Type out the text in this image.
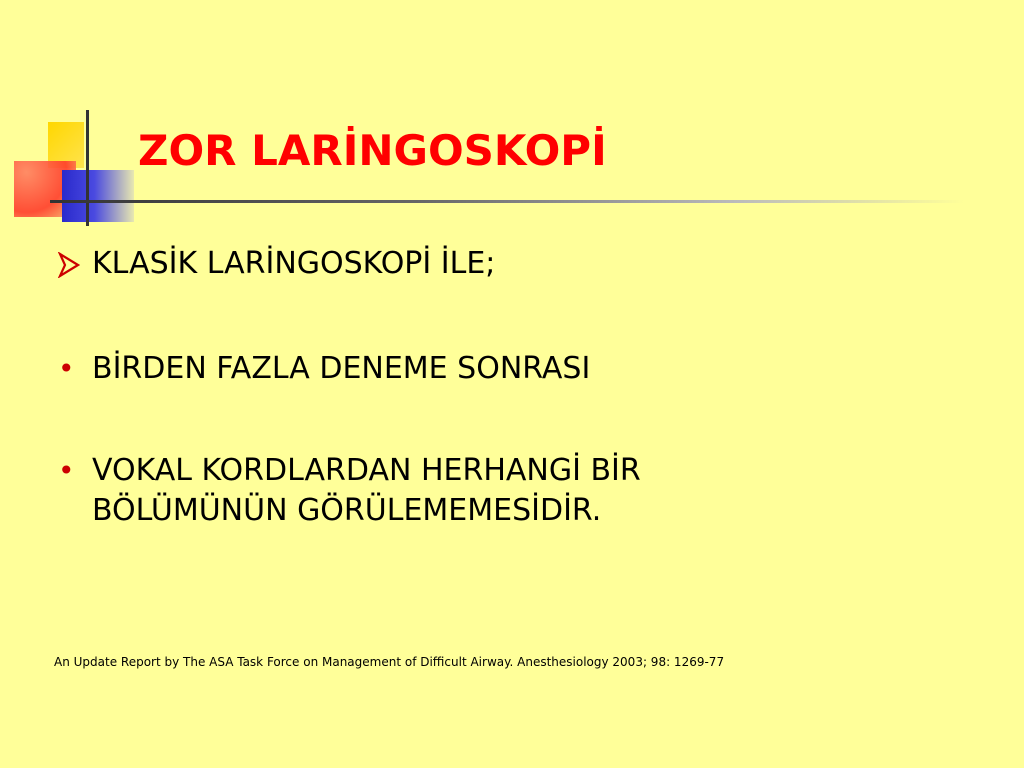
ZOR LARİNGOSKOPİ
KLASİK LARİNGOSKOPİ İLE;
• BİRDEN FAZLA DENEME SONRASI
• VOKAL KORDLARDAN HERHANGİ BİR BÖLÜMÜNÜN GÖRÜLEMEMESİDİR.
An Update Report by The ASA Task Force on Management of Difficult Airway. Anesthesiology 2003; 98: 1269-77
